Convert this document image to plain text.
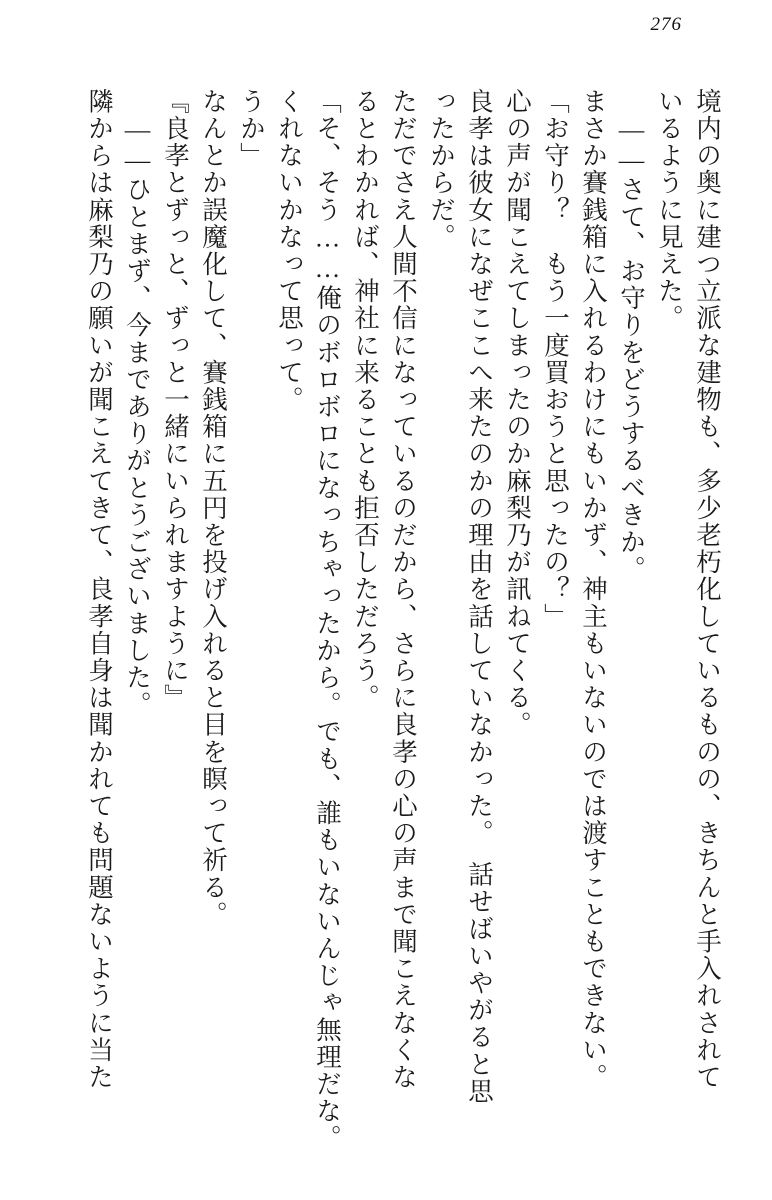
276
境内の奥に建つ立派な建物も、多少老朽化しているものの、きちんと手入れされて
いるように見えた。
　——さて、お守りをどうするべきか。
まさか賽銭箱に入れるわけにもいかず、神主もいないのでは渡すこともできない。
「お守り？　もう一度買おうと思ったの？」
心の声が聞こえてしまったのか麻梨乃が訊ねてくる。
良孝は彼女になぜここへ来たのかの理由を話していなかった。　話せばいやがると思
ったからだ。
ただでさえ人間不信になっているのだから、さらに良孝の心の声まで聞こえなくな
るとわかれば、神社に来ることも拒否しただろう。
「そ、そう……俺のボロボロになっちゃったから。でも、誰もいないんじゃ無理だな。
くれないかなって思って。
うか」
なんとか誤魔化して、賽銭箱に五円を投げ入れると目を瞑って祈る。
『良孝とずっと、ずっと一緒にいられますように』
　——ひとまず、今までありがとうございました。
隣からは麻梨乃の願いが聞こえてきて、良孝自身は聞かれても問題ないように当た
